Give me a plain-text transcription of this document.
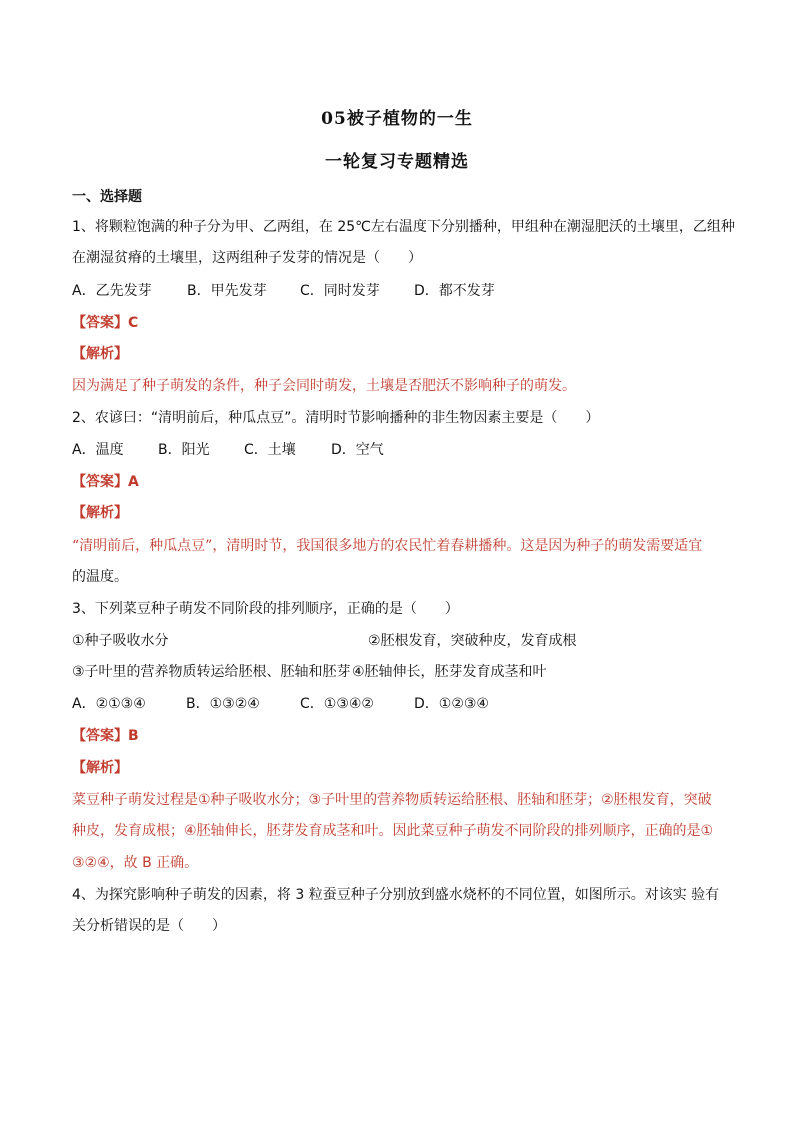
05被子植物的一生
一轮复习专题精选
一、选择题
1、将颗粒饱满的种子分为甲、乙两组，在 25℃左右温度下分别播种，甲组种在潮湿肥沃的土壤里，乙组种
在潮湿贫瘠的土壤里，这两组种子发芽的情况是（　　）
A．乙先发芽	B．甲先发芽 C．同时发芽 D．都不发芽
【答案】C
【解析】
因为满足了种子萌发的条件，种子会同时萌发，土壤是否肥沃不影响种子的萌发。
2、农谚曰：“清明前后，种瓜点豆”。清明时节影响播种的非生物因素主要是（　　）
A．温度 B．阳光 C．土壤	D．空气
【答案】A
【解析】
“清明前后，种瓜点豆”，清明时节，我国很多地方的农民忙着春耕播种。这是因为种子的萌发需要适宜
的温度。
3、下列菜豆种子萌发不同阶段的排列顺序，正确的是（　　）
①种子吸收水分	②胚根发育，突破种皮，发育成根
③子叶里的营养物质转运给胚根、胚轴和胚芽 ④胚轴伸长，胚芽发育成茎和叶
A．②①③④	B．①③②④	C．①③④②	D．①②③④
【答案】B
【解析】
菜豆种子萌发过程是①种子吸收水分；③子叶里的营养物质转运给胚根、胚轴和胚芽；②胚根发育，突破
种皮，发育成根；④胚轴伸长，胚芽发育成茎和叶。因此菜豆种子萌发不同阶段的排列顺序，正确的是①
③②④，故 B 正确。
4、为探究影响种子萌发的因素，将 3 粒蚕豆种子分别放到盛水烧杯的不同位置，如图所示。对该实 验有
关分析错误的是（　　）
